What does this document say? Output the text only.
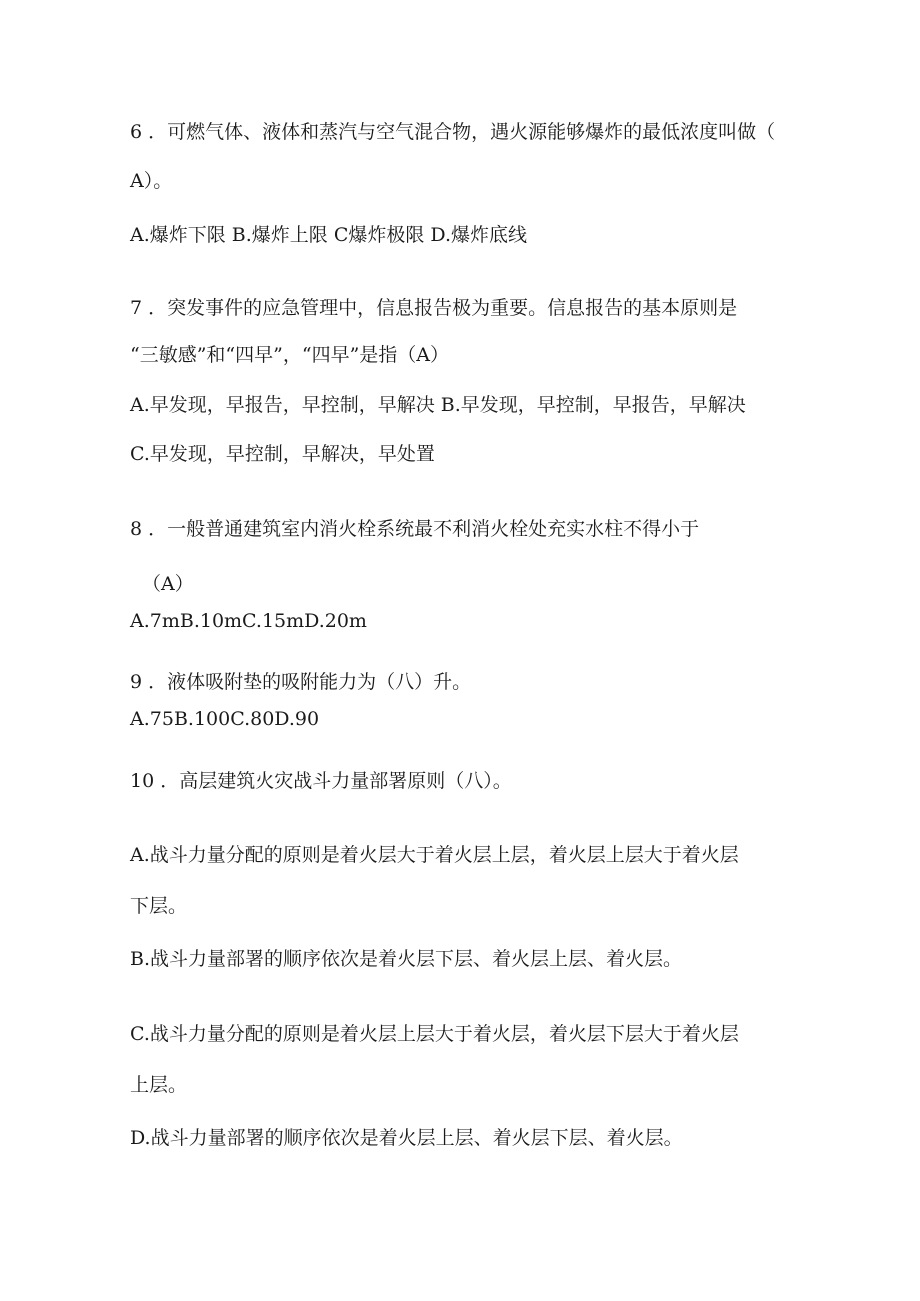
6 ．可燃气体、液体和蒸汽与空气混合物，遇火源能够爆炸的最低浓度叫做（

A）。

A.爆炸下限 B.爆炸上限 C爆炸极限 D.爆炸底线

7 ．突发事件的应急管理中，信息报告极为重要。信息报告的基本原则是

“三敏感”和“四早”，“四早”是指（A）

A.早发现，早报告，早控制，早解决 B.早发现，早控制，早报告，早解决

C.早发现，早控制，早解决，早处置

8 ．一般普通建筑室内消火栓系统最不利消火栓处充实水柱不得小于

（A）

A.7mB.10mC.15mD.20m

9 ．液体吸附垫的吸附能力为（八）升。

A.75B.100C.80D.90

10 ．高层建筑火灾战斗力量部署原则（八）。

A.战斗力量分配的原则是着火层大于着火层上层，着火层上层大于着火层

下层。

B.战斗力量部署的顺序依次是着火层下层、着火层上层、着火层。

C.战斗力量分配的原则是着火层上层大于着火层，着火层下层大于着火层

上层。

D.战斗力量部署的顺序依次是着火层上层、着火层下层、着火层。
